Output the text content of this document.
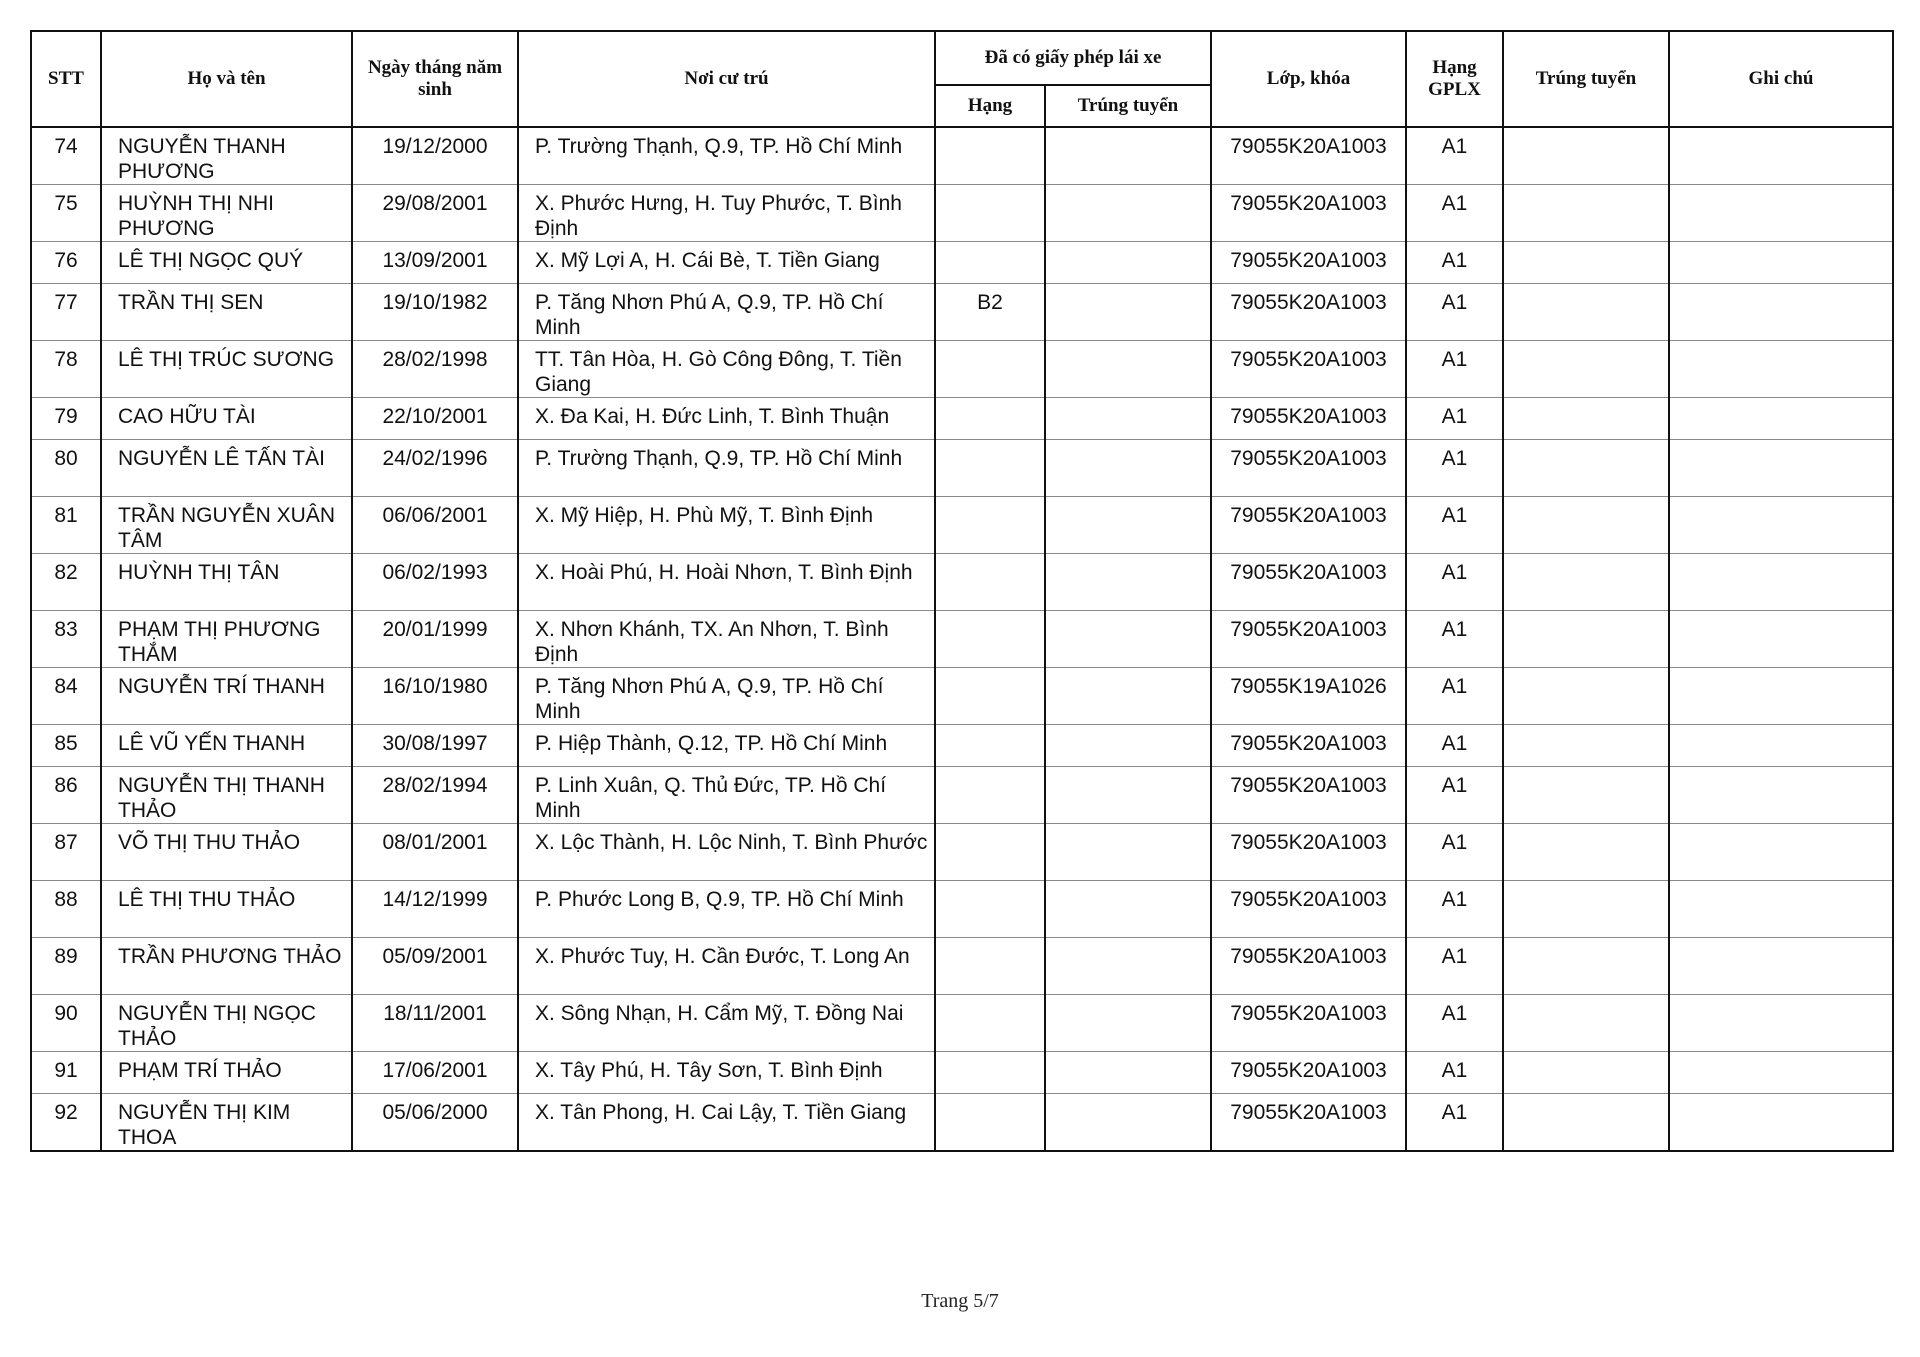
STT	Họ và tên	Ngày tháng năm sinh	Nơi cư trú	Đã có giấy phép lái xe		Lớp, khóa	Hạng GPLX	Trúng tuyển	Ghi chú
				Hạng	Trúng tuyển				
74	NGUYỄN THANH PHƯƠNG	19/12/2000	P. Trường Thạnh, Q.9, TP. Hồ Chí Minh			79055K20A1003	A1		
75	HUỲNH THỊ NHI PHƯƠNG	29/08/2001	X. Phước Hưng, H. Tuy Phước, T. Bình Định			79055K20A1003	A1		
76	LÊ THỊ NGỌC QUÝ	13/09/2001	X. Mỹ Lợi A, H. Cái Bè, T. Tiền Giang			79055K20A1003	A1		
77	TRẦN THỊ SEN	19/10/1982	P. Tăng Nhơn Phú A, Q.9, TP. Hồ Chí Minh	B2		79055K20A1003	A1		
78	LÊ THỊ TRÚC SƯƠNG	28/02/1998	TT. Tân Hòa, H. Gò Công Đông, T. Tiền Giang			79055K20A1003	A1		
79	CAO HỮU TÀI	22/10/2001	X. Đa Kai, H. Đức Linh, T. Bình Thuận			79055K20A1003	A1		
80	NGUYỄN LÊ TẤN TÀI	24/02/1996	P. Trường Thạnh, Q.9, TP. Hồ Chí Minh			79055K20A1003	A1		
81	TRẦN NGUYỄN XUÂN TÂM	06/06/2001	X. Mỹ Hiệp, H. Phù Mỹ, T. Bình Định			79055K20A1003	A1		
82	HUỲNH THỊ TÂN	06/02/1993	X. Hoài Phú, H. Hoài Nhơn, T. Bình Định			79055K20A1003	A1		
83	PHẠM THỊ PHƯƠNG THẮM	20/01/1999	X. Nhơn Khánh, TX. An Nhơn, T. Bình Định			79055K20A1003	A1		
84	NGUYỄN TRÍ THANH	16/10/1980	P. Tăng Nhơn Phú A, Q.9, TP. Hồ Chí Minh			79055K19A1026	A1		
85	LÊ VŨ YẾN THANH	30/08/1997	P. Hiệp Thành, Q.12, TP. Hồ Chí Minh			79055K20A1003	A1		
86	NGUYỄN THỊ THANH THẢO	28/02/1994	P. Linh Xuân, Q. Thủ Đức, TP. Hồ Chí Minh			79055K20A1003	A1		
87	VÕ THỊ THU THẢO	08/01/2001	X. Lộc Thành, H. Lộc Ninh, T. Bình Phước			79055K20A1003	A1		
88	LÊ THỊ THU THẢO	14/12/1999	P. Phước Long B, Q.9, TP. Hồ Chí Minh			79055K20A1003	A1		
89	TRẦN PHƯƠNG THẢO	05/09/2001	X. Phước Tuy, H. Cần Đước, T. Long An			79055K20A1003	A1		
90	NGUYỄN THỊ NGỌC THẢO	18/11/2001	X. Sông Nhạn, H. Cẩm Mỹ, T. Đồng Nai			79055K20A1003	A1		
91	PHẠM TRÍ THẢO	17/06/2001	X. Tây Phú, H. Tây Sơn, T. Bình Định			79055K20A1003	A1		
92	NGUYỄN THỊ KIM THOA	05/06/2000	X. Tân Phong, H. Cai Lậy, T. Tiền Giang			79055K20A1003	A1		
Trang 5/7
